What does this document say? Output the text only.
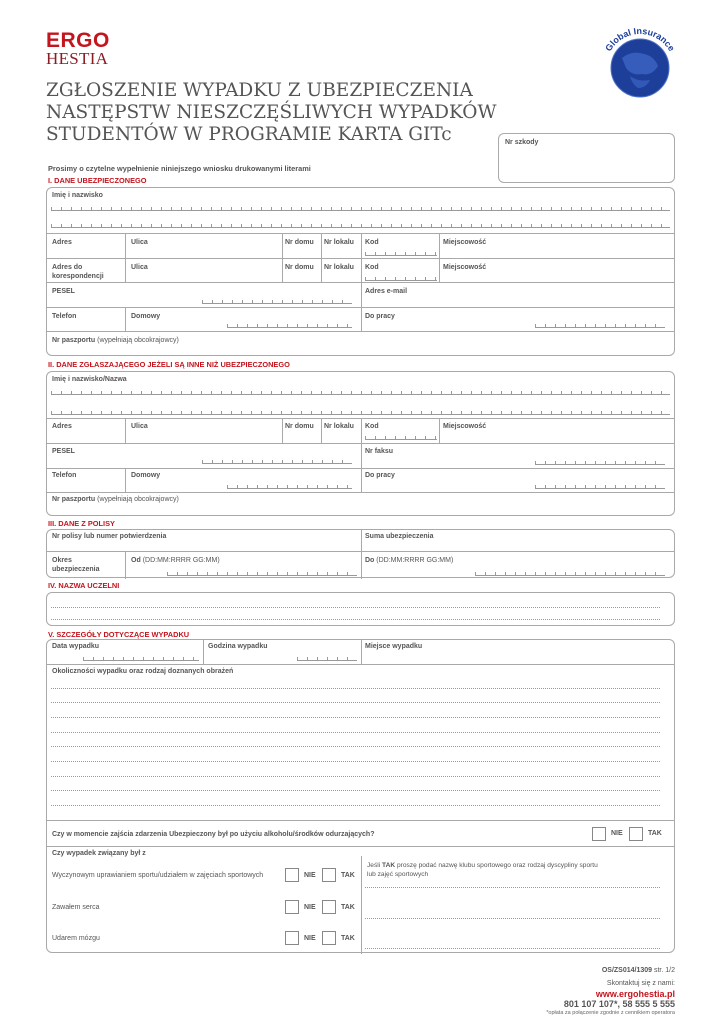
ERGO
HESTIA
Global Insurance
Travel Ca
ZGŁOSZENIE WYPADKU Z UBEZPIECZENIA
NASTĘPSTW NIESZCZĘŚLIWYCH WYPADKÓW
STUDENTÓW W PROGRAMIE KARTA GITc	Nr szkody
Prosimy o czytelne wypełnienie niniejszego wniosku drukowanymi literami
I. DANE UBEZPIECZONEGO
Imię i nazwisko
Adres	Ulica	Nr domu Nr lokalu Kod	Miejscowość
Adres do
korespondencji
Ulica	Nr domu Nr lokalu Kod	Miejscowość
PESEL	Adres e-mail
Telefon	Domowy	Do pracy
Nr paszportu (wypełniają obcokrajowcy)
II. DANE ZGŁASZAJĄCEGO JEŻELI SĄ INNE NIŻ UBEZPIECZONEGO
Imię i nazwisko/Nazwa
Adres	Ulica	Nr domu Nr lokalu Kod	Miejscowość
PESEL	Nr faksu
Telefon	Domowy	Do pracy
Nr paszportu (wypełniają obcokrajowcy)
III. DANE Z POLISY
Nr polisy lub numer potwierdzenia	Suma ubezpieczenia
Okres
ubezpieczenia
Od (DD:MM:RRRR GG:MM)	Do (DD:MM:RRRR GG:MM)
IV. NAZWA UCZELNI
V. SZCZEGÓŁY DOTYCZĄCE WYPADKU
Data wypadku	Godzina wypadku	Miejsce wypadku
Okoliczności wypadku oraz rodzaj doznanych obrażeń
Czy w momencie zajścia zdarzenia Ubezpieczony był po użyciu alkoholu/środków odurzających?	NIE	TAK
Czy wypadek związany był z
Wyczynowym uprawianiem sportu/udziałem w zajęciach sportowych	NIE	TAK
Jeśli TAK proszę podać nazwę klubu sportowego oraz rodzaj dyscypliny sportu
lub zajęć sportowych
Zawałem serca	NIE	TAK
Udarem mózgu	NIE	TAK
OS/ZS014/1309 str. 1/2
Skontaktuj się z nami:
www.ergohestia.pl
801 107 107*, 58 555 5 555
*opłata za połączenie zgodnie z cennikiem operatora
